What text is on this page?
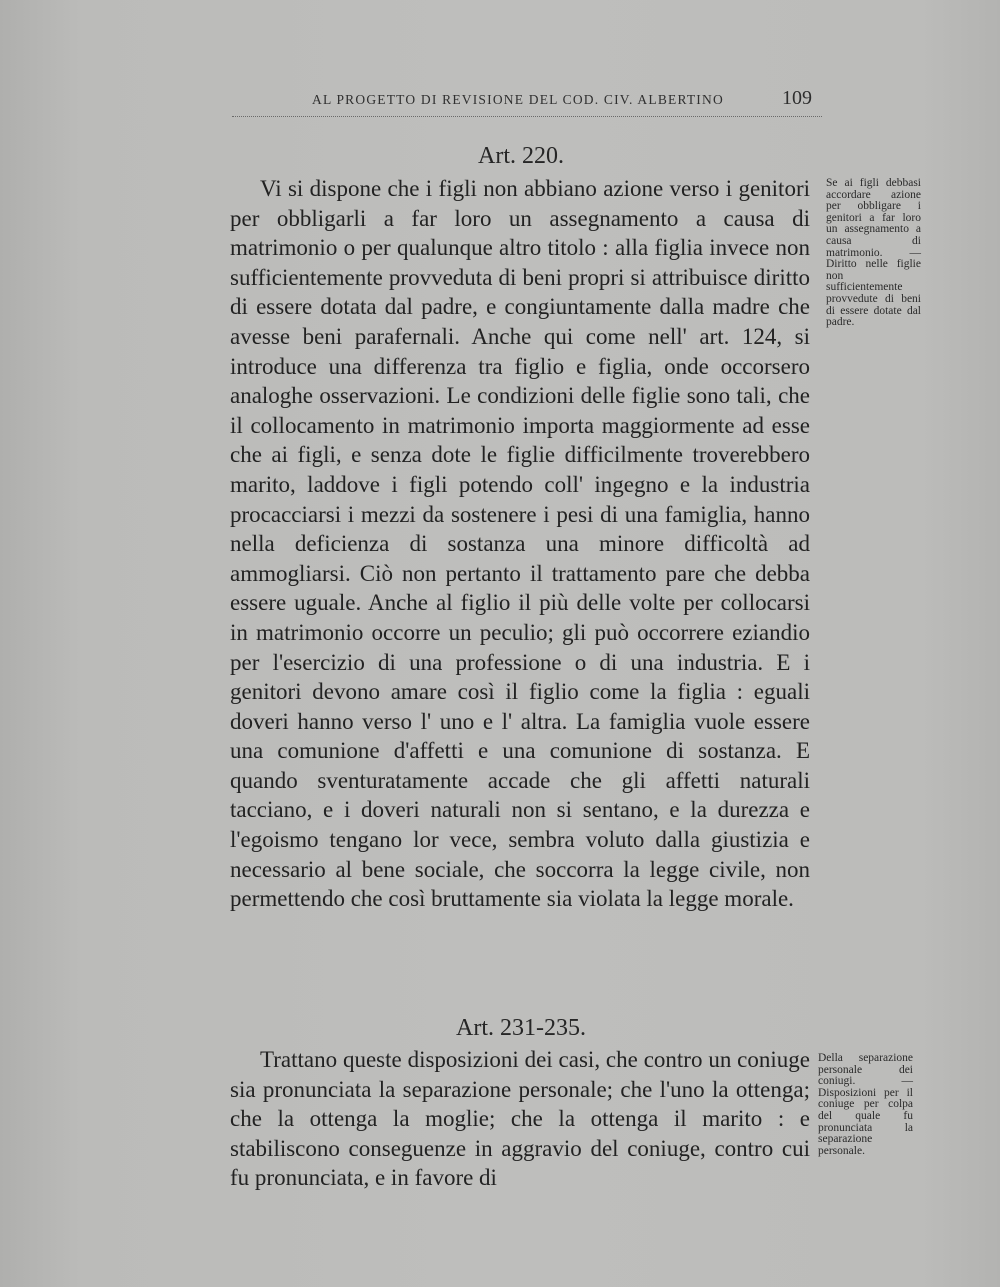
AL PROGETTO DI REVISIONE DEL COD. CIV. ALBERTINO	109
Art. 220.

Vi si dispone che i figli non abbiano azione verso i genitori per obbligarli a far loro un assegnamento a causa di matrimonio o per qualunque altro titolo : alla figlia invece non sufficientemente provveduta di beni propri si attribuisce diritto di essere dotata dal padre, e congiuntamente dalla madre che avesse beni parafernali. Anche qui come nell' art. 124, si introduce una differenza tra figlio e figlia, onde occorsero analoghe osservazioni. Le condizioni delle figlie sono tali, che il collocamento in matrimonio importa maggiormente ad esse che ai figli, e senza dote le figlie difficilmente troverebbero marito, laddove i figli potendo coll' ingegno e la industria procacciarsi i mezzi da sostenere i pesi di una famiglia, hanno nella deficienza di sostanza una minore difficoltà ad ammogliarsi. Ciò non pertanto il trattamento pare che debba essere uguale. Anche al figlio il più delle volte per collocarsi in matrimonio occorre un peculio; gli può occorrere eziandio per l'esercizio di una professione o di una industria. E i genitori devono amare così il figlio come la figlia : eguali doveri hanno verso l' uno e l' altra. La famiglia vuole essere una comunione d'affetti e una comunione di sostanza. E quando sventuratamente accade che gli affetti naturali tacciano, e i doveri naturali non si sentano, e la durezza e l'egoismo tengano lor vece, sembra voluto dalla giustizia e necessario al bene sociale, che soccorra la legge civile, non permettendo che così bruttamente sia violata la legge morale.

Se ai figli debbasi accordare azione per obbligare i genitori a far loro un assegnamento a causa di matrimonio. — Diritto nelle figlie non sufficientemente provvedute di beni di essere dotate dal padre.
Art. 231-235.

Trattano queste disposizioni dei casi, che contro un coniuge sia pronunciata la separazione personale; che l'uno la ottenga; che la ottenga la moglie; che la ottenga il marito : e stabiliscono conseguenze in aggravio del coniuge, contro cui fu pronunciata, e in favore di

Della separazione personale dei coniugi. — Disposizioni per il coniuge per colpa del quale fu pronunciata la separazione personale.
